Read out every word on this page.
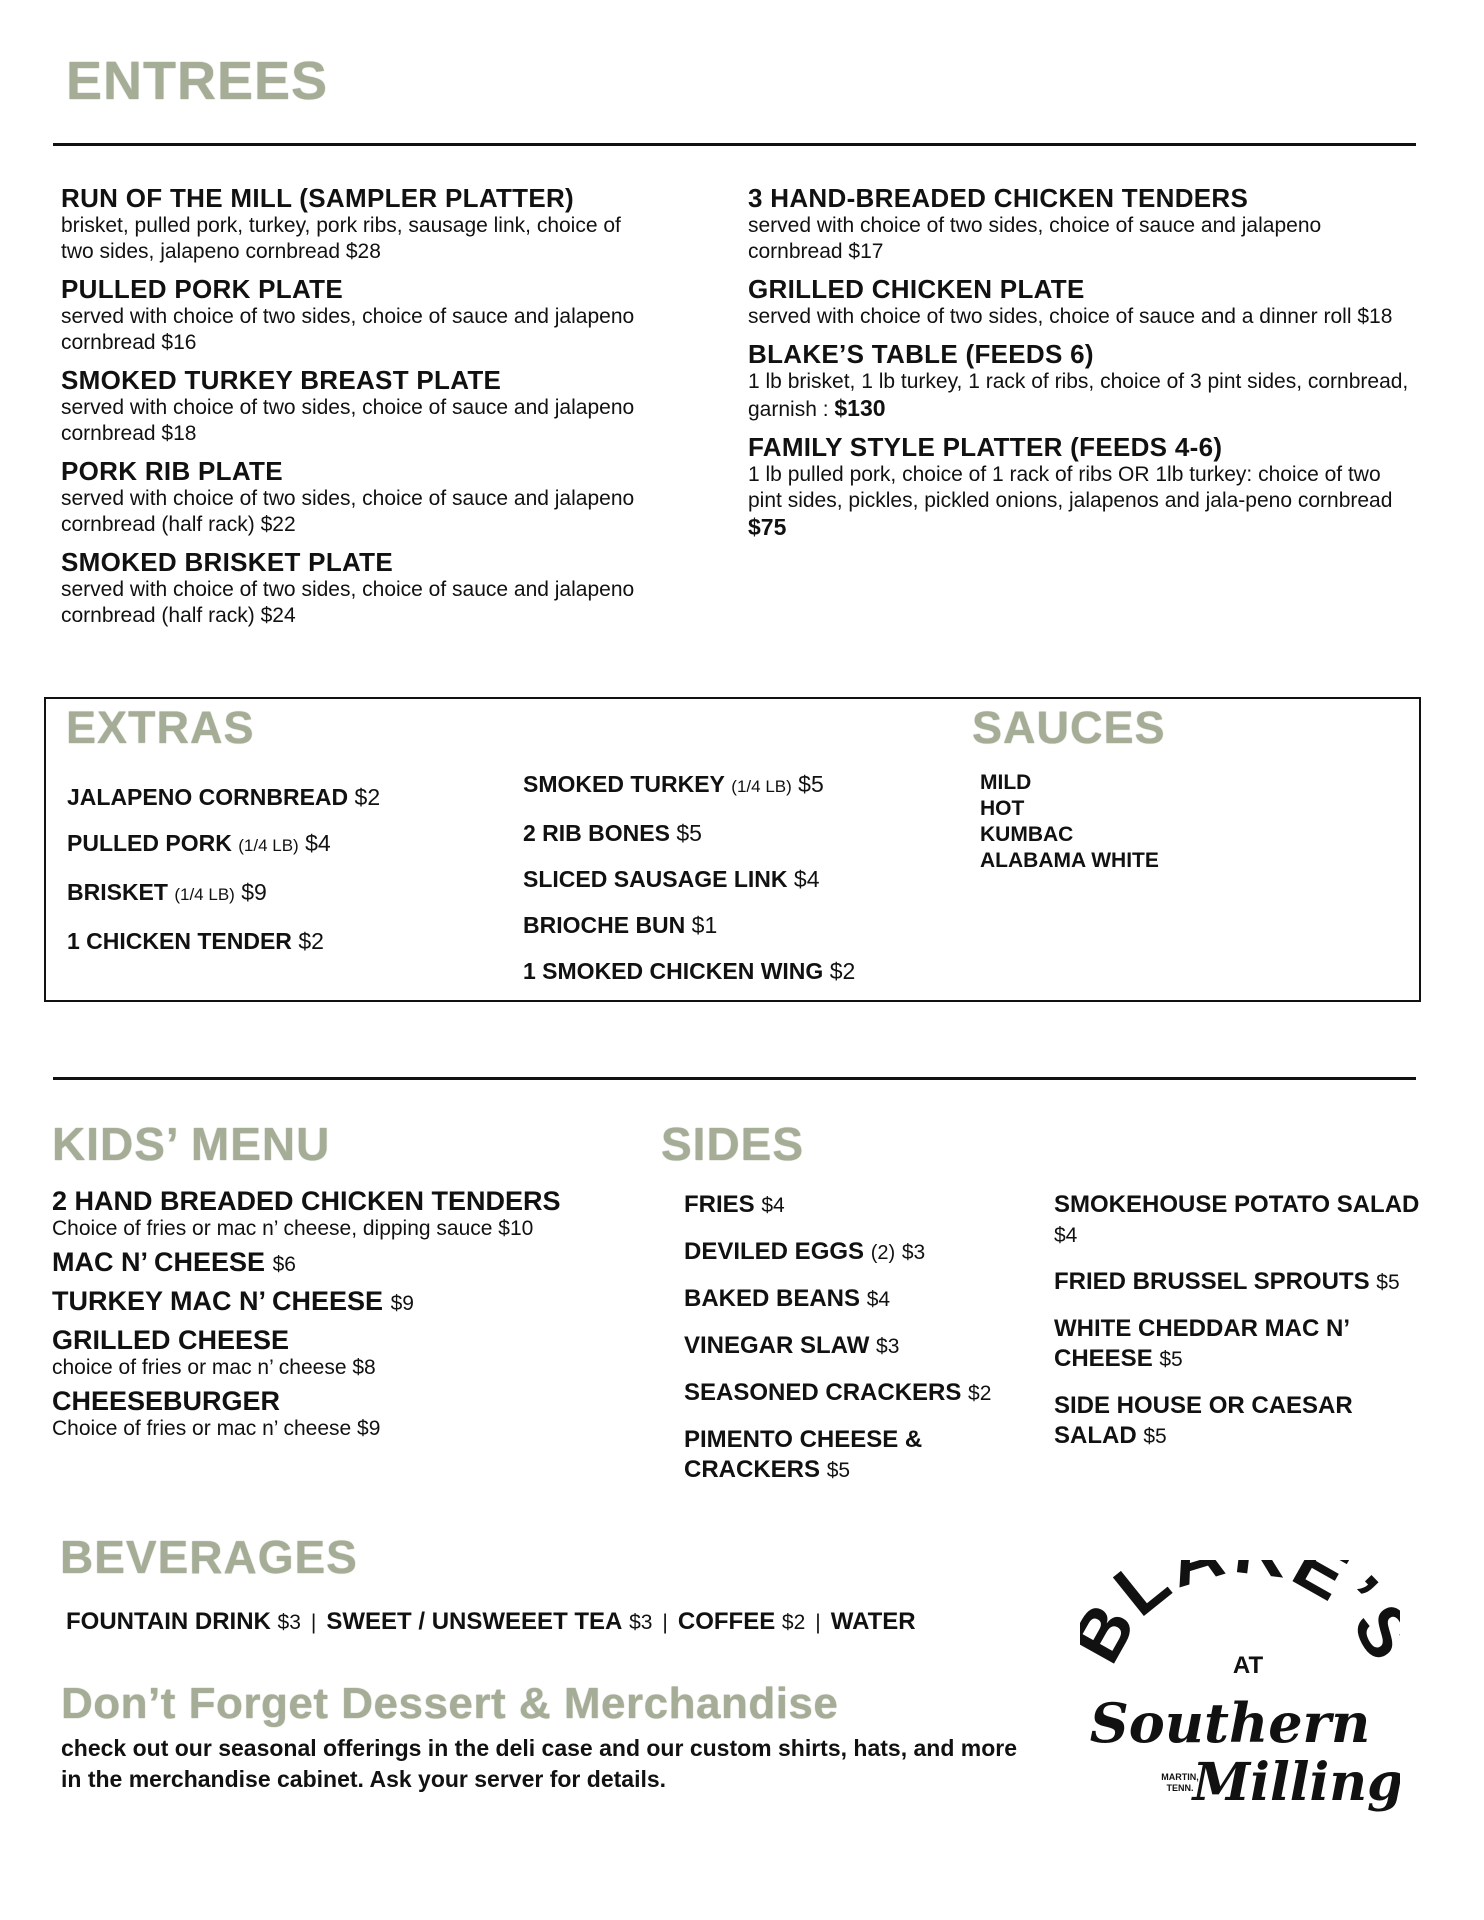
ENTREES
RUN OF THE MILL (SAMPLER PLATTER)
brisket, pulled pork, turkey, pork ribs, sausage link, choice of two sides, jalapeno cornbread $28
PULLED PORK PLATE
served with choice of two sides, choice of sauce and jalapeno cornbread $16
SMOKED TURKEY BREAST PLATE
served with choice of two sides, choice of sauce and jalapeno cornbread $18
PORK RIB PLATE
served with choice of two sides, choice of sauce and jalapeno cornbread (half rack) $22
SMOKED BRISKET PLATE
served with choice of two sides, choice of sauce and jalapeno cornbread (half rack) $24
3 HAND-BREADED CHICKEN TENDERS
served with choice of two sides, choice of sauce and jalapeno cornbread $17
GRILLED CHICKEN PLATE
served with choice of two sides, choice of sauce and a dinner roll $18
BLAKE’S TABLE (FEEDS 6)
1 lb brisket, 1 lb turkey, 1 rack of ribs, choice of 3 pint sides, cornbread, garnish : $130
FAMILY STYLE PLATTER (FEEDS 4-6)
1 lb pulled pork, choice of 1 rack of ribs OR 1lb turkey: choice of two pint sides, pickles, pickled onions, jalapenos and jala-peno cornbread $75
EXTRAS
JALAPENO CORNBREAD $2
PULLED PORK (1/4 LB) $4
BRISKET (1/4 LB) $9
1 CHICKEN TENDER $2
SMOKED TURKEY (1/4 LB) $5
2 RIB BONES $5
SLICED SAUSAGE LINK $4
BRIOCHE BUN $1
1 SMOKED CHICKEN WING $2
SAUCES
MILD
HOT
KUMBAC
ALABAMA WHITE
KIDS’ MENU
2 HAND BREADED CHICKEN TENDERS
Choice of fries or mac n’ cheese, dipping sauce $10
MAC N’ CHEESE $6
TURKEY MAC N’ CHEESE $9
GRILLED CHEESE
choice of fries or mac n’ cheese $8
CHEESEBURGER
Choice of fries or mac n’ cheese $9
SIDES
FRIES $4
DEVILED EGGS (2) $3
BAKED BEANS $4
VINEGAR SLAW $3
SEASONED CRACKERS $2
PIMENTO CHEESE & CRACKERS $5
SMOKEHOUSE POTATO SALAD $4
FRIED BRUSSEL SPROUTS $5
WHITE CHEDDAR MAC N’ CHEESE $5
SIDE HOUSE OR CAESAR SALAD $5
BEVERAGES
FOUNTAIN DRINK $3 | SWEET / UNSWEEET TEA $3 | COFFEE $2 | WATER
Don’t Forget Dessert & Merchandise
check out our seasonal offerings in the deli case and our custom shirts, hats, and more in the merchandise cabinet. Ask your server for details.
L E’
AT
Southern
Milling
MARTIN,
TENN.
